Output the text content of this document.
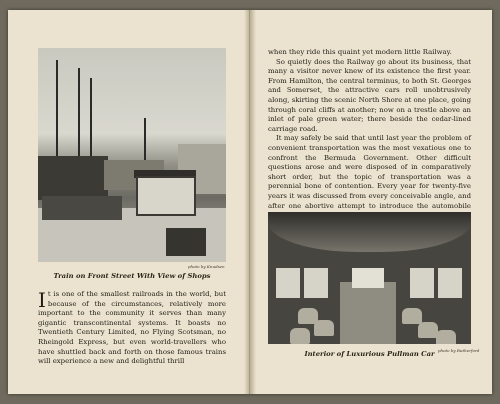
photo by Knudsen
Train on Front Street With View of Shops
It is one of the smallest railroads in the world, but because of the circumstances, relatively more important to the community it serves than many gigantic transcontinental systems. It boasts no Twentieth Century Limited, no Flying Scotsman, no Rheingold Express, but even world-travellers who have shuttled back and forth on those famous trains will experience a new and delightful thrill

when they ride this quaint yet modern little Railway.

So quietly does the Railway go about its business, that many a visitor never knew of its existence the first year. From Hamilton, the central terminus, to both St. Georges and Somerset, the attractive cars roll unobtrusively along, skirting the scenic North Shore at one place, going through coral cliffs at another; now on a trestle above an inlet of pale green water; there beside the cedar-lined carriage road.

It may safely be said that until last year the problem of convenient transportation was the most vexatious one to confront the Bermuda Government. Other difficult questions arose and were disposed of in comparatively short order, but the topic of transportation was a perennial bone of contention. Every year for twenty-five years it was discussed from every conceivable angle, and after one abortive attempt to introduce the automobile

Interior of Luxurious Pullman Car photo by Rutherford
